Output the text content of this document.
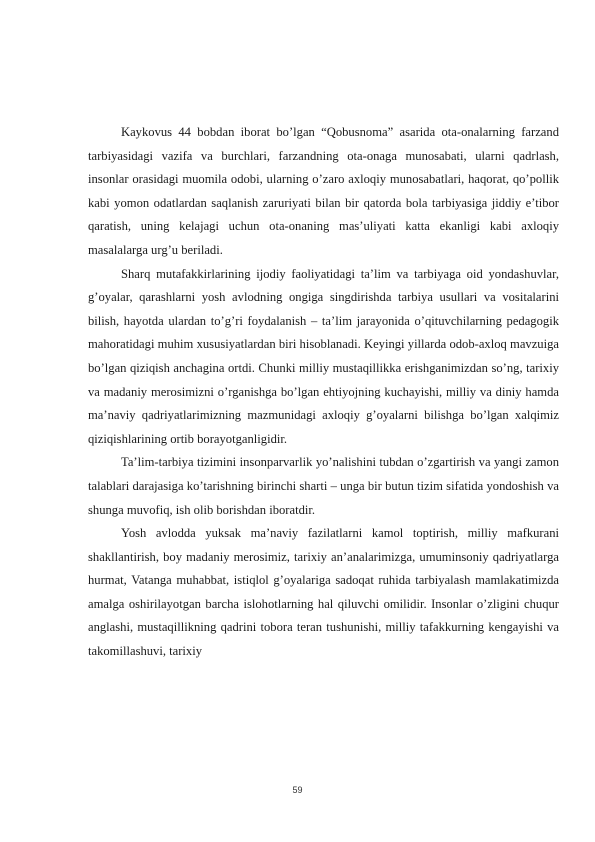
Kaykovus 44 bobdan iborat bo’lgan “Qobusnoma” asarida ota-onalarning farzand tarbiyasidagi vazifa va burchlari, farzandning ota-onaga munosabati, ularni qadrlash, insonlar orasidagi muomila odobi, ularning o’zaro axloqiy munosabatlari, haqorat, qo’pollik kabi yomon odatlardan saqlanish zaruriyati bilan bir qatorda bola tarbiyasiga jiddiy e’tibor qaratish, uning kelajagi uchun ota-onaning mas’uliyati katta ekanligi kabi axloqiy masalalarga urg’u beriladi.

Sharq mutafakkirlarining ijodiy faoliyatidagi ta’lim va tarbiyaga oid yondashuvlar, g’oyalar, qarashlarni yosh avlodning ongiga singdirishda tarbiya usullari va vositalarini bilish, hayotda ulardan to’g’ri foydalanish – ta’lim jarayonida o’qituvchilarning pedagogik mahoratidagi muhim xususiyatlardan biri hisoblanadi. Keyingi yillarda odob-axloq mavzuiga bo’lgan qiziqish anchagina ortdi. Chunki milliy mustaqillikka erishganimizdan so’ng, tarixiy va madaniy merosimizni o’rganishga bo’lgan ehtiyojning kuchayishi, milliy va diniy hamda ma’naviy qadriyatlarimizning mazmunidagi axloqiy g’oyalarni bilishga bo’lgan xalqimiz qiziqishlarining ortib borayotganligidir.

Ta’lim-tarbiya tizimini insonparvarlik yo’nalishini tubdan o’zgartirish va yangi zamon talablari darajasiga ko’tarishning birinchi sharti – unga bir butun tizim sifatida yondoshish va shunga muvofiq, ish olib borishdan iboratdir.

Yosh avlodda yuksak ma’naviy fazilatlarni kamol toptirish, milliy mafkurani shakllantirish, boy madaniy merosimiz, tarixiy an’analarimizga, umuminsoniy qadriyatlarga hurmat, Vatanga muhabbat, istiqlol g’oyalariga sadoqat ruhida tarbiyalash mamlakatimizda amalga oshirilayotgan barcha islohotlarning hal qiluvchi omilidir. Insonlar o’zligini chuqur anglashi, mustaqillikning qadrini tobora teran tushunishi, milliy tafakkurning kengayishi va takomillashuvi, tarixiy

59
